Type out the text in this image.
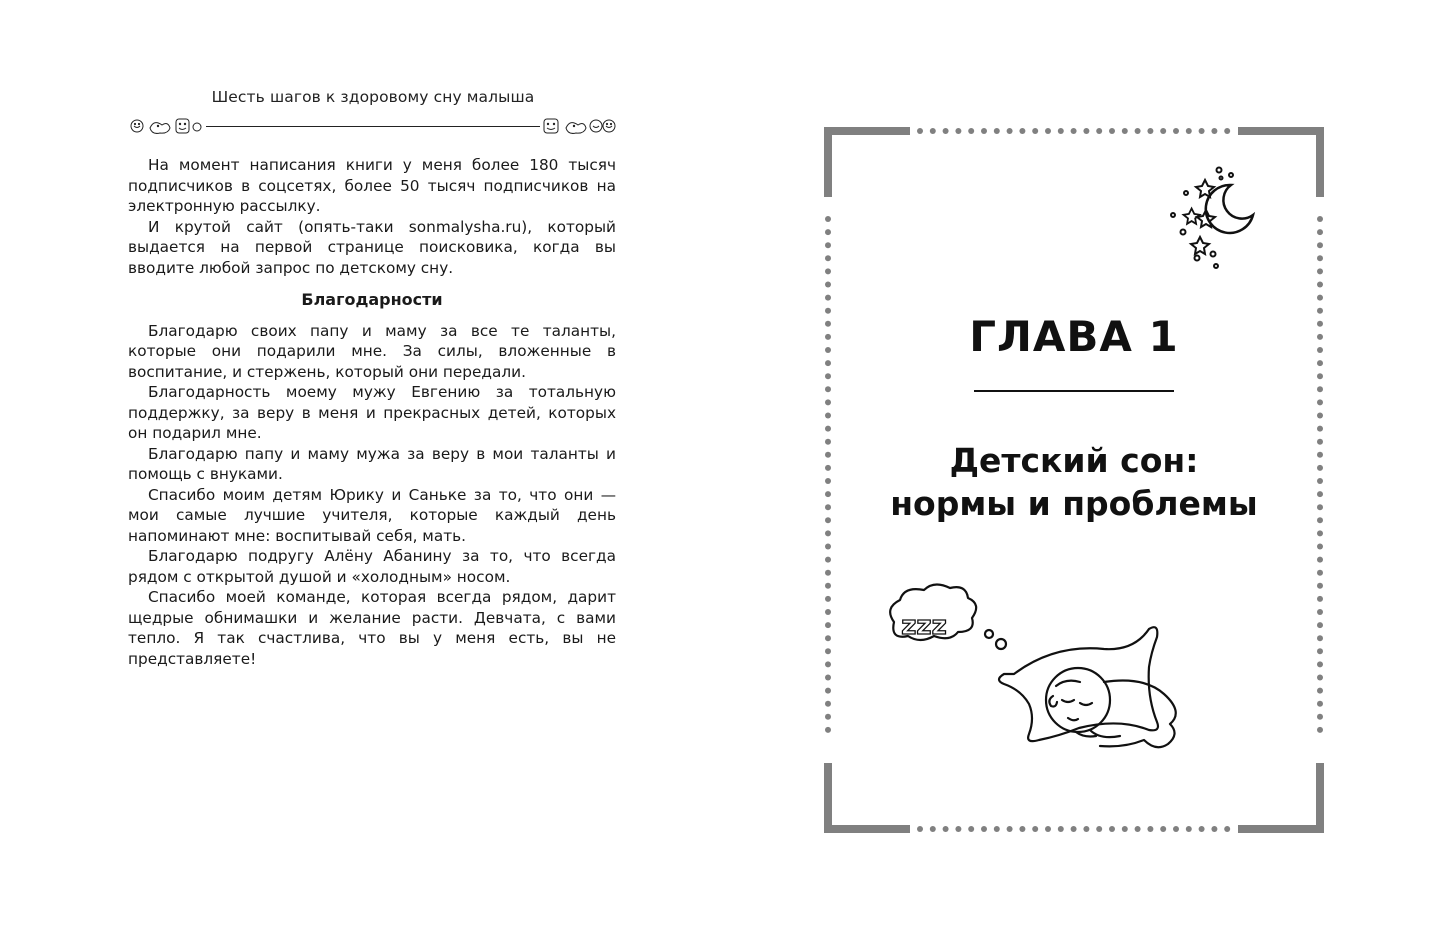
Шесть шагов к здоровому сну малыша

На момент написания книги у меня более 180 тысяч подписчиков в соцсетях, более 50 тысяч подписчиков на электронную рассылку.

И крутой сайт (опять-таки sonmalysha.ru), который выдается на первой странице поисковика, когда вы вводите любой запрос по детскому сну.

Благодарности

Благодарю своих папу и маму за все те таланты, которые они подарили мне. За силы, вложенные в воспитание, и стержень, который они передали.

Благодарность моему мужу Евгению за тотальную поддержку, за веру в меня и прекрасных детей, которых он подарил мне.

Благодарю папу и маму мужа за веру в мои таланты и помощь с внуками.

Спасибо моим детям Юрику и Саньке за то, что они — мои самые лучшие учителя, которые каждый день напоминают мне: воспитывай себя, мать.

Благодарю подругу Алёну Абанину за то, что всегда рядом с открытой душой и «холодным» носом.

Спасибо моей команде, которая всегда рядом, дарит щедрые обнимашки и желание расти. Девчата, с вами тепло. Я так счастлива, что вы у меня есть, вы не представляете!

ГЛАВА 1
Детский сон:
нормы и проблемы
zzz
